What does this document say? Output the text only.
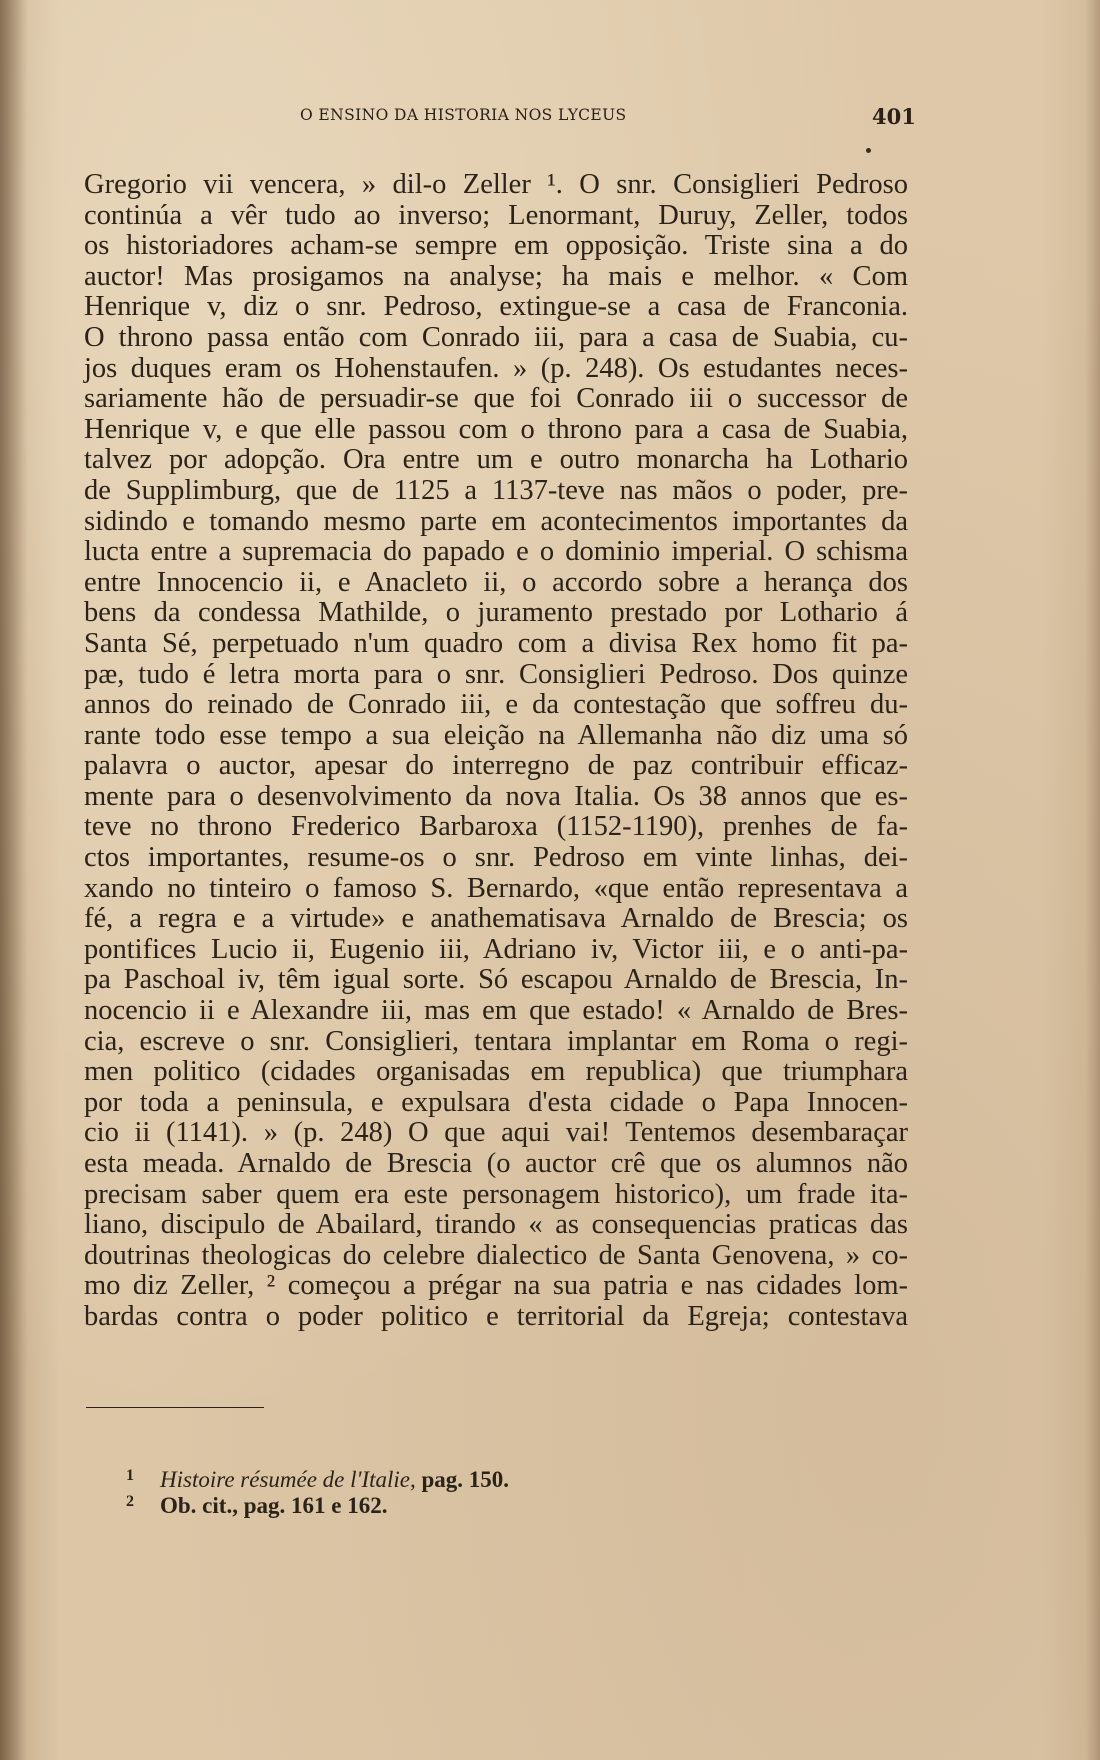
O ENSINO DA HISTORIA NOS LYCEUS	401
Gregorio vii vencera, » dil-o Zeller ¹. O snr. Consiglieri Pedroso
continúa a vêr tudo ao inverso; Lenormant, Duruy, Zeller, todos
os historiadores acham-se sempre em opposição. Triste sina a do
auctor! Mas prosigamos na analyse; ha mais e melhor. « Com
Henrique v, diz o snr. Pedroso, extingue-se a casa de Franconia.
O throno passa então com Conrado iii, para a casa de Suabia, cu-
jos duques eram os Hohenstaufen. » (p. 248). Os estudantes neces-
sariamente hão de persuadir-se que foi Conrado iii o successor de
Henrique v, e que elle passou com o throno para a casa de Suabia,
talvez por adopção. Ora entre um e outro monarcha ha Lothario
de Supplimburg, que de 1125 a 1137-teve nas mãos o poder, pre-
sidindo e tomando mesmo parte em acontecimentos importantes da
lucta entre a supremacia do papado e o dominio imperial. O schisma
entre Innocencio ii, e Anacleto ii, o accordo sobre a herança dos
bens da condessa Mathilde, o juramento prestado por Lothario á
Santa Sé, perpetuado n'um quadro com a divisa Rex homo fit pa-
pæ, tudo é letra morta para o snr. Consiglieri Pedroso. Dos quinze
annos do reinado de Conrado iii, e da contestação que soffreu du-
rante todo esse tempo a sua eleição na Allemanha não diz uma só
palavra o auctor, apesar do interregno de paz contribuir efficaz-
mente para o desenvolvimento da nova Italia. Os 38 annos que es-
teve no throno Frederico Barbaroxa (1152-1190), prenhes de fa-
ctos importantes, resume-os o snr. Pedroso em vinte linhas, dei-
xando no tinteiro o famoso S. Bernardo, «que então representava a
fé, a regra e a virtude» e anathematisava Arnaldo de Brescia; os
pontifices Lucio ii, Eugenio iii, Adriano iv, Victor iii, e o anti-pa-
pa Paschoal iv, têm igual sorte. Só escapou Arnaldo de Brescia, In-
nocencio ii e Alexandre iii, mas em que estado! « Arnaldo de Bres-
cia, escreve o snr. Consiglieri, tentara implantar em Roma o regi-
men politico (cidades organisadas em republica) que triumphara
por toda a peninsula, e expulsara d'esta cidade o Papa Innocen-
cio ii (1141). » (p. 248) O que aqui vai! Tentemos desembaraçar
esta meada. Arnaldo de Brescia (o auctor crê que os alumnos não
precisam saber quem era este personagem historico), um frade ita-
liano, discipulo de Abailard, tirando « as consequencias praticas das
doutrinas theologicas do celebre dialectico de Santa Genovena, » co-
mo diz Zeller, ² começou a prégar na sua patria e nas cidades lom-
bardas contra o poder politico e territorial da Egreja; contestava
1 Histoire résumée de l'Italie, pag. 150.
2 Ob. cit., pag. 161 e 162.
